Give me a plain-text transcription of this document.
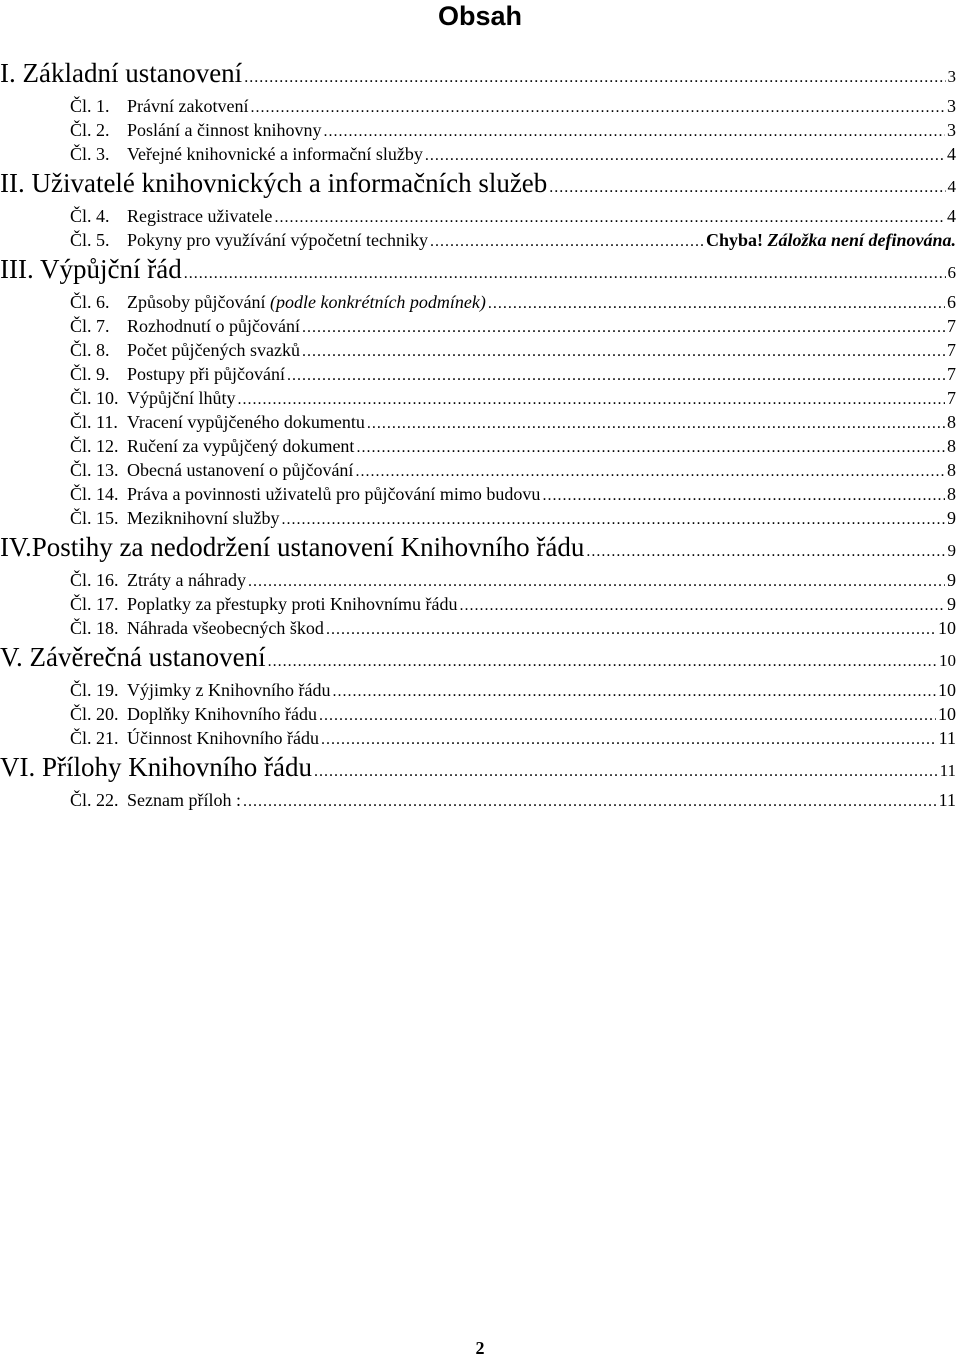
Obsah
I. Základní ustanovení .....	3
Čl. 1. Právní zakotvení .....	3
Čl. 2. Poslání a činnost knihovny .....	3
Čl. 3. Veřejné knihovnické a informační služby .....	4
II. Uživatelé knihovnických a informačních služeb .....	4
Čl. 4. Registrace uživatele .....	4
Čl. 5. Pokyny pro využívání výpočetní techniky .....	Chyba! Záložka není definována.
III. Výpůjční řád .....	6
Čl. 6. Způsoby půjčování (podle konkrétních podmínek) .....	6
Čl. 7. Rozhodnutí o půjčování .....	7
Čl. 8. Počet půjčených svazků .....	7
Čl. 9. Postupy při půjčování .....	7
Čl. 10. Výpůjční lhůty .....	7
Čl. 11. Vracení vypůjčeného dokumentu .....	8
Čl. 12. Ručení za vypůjčený dokument .....	8
Čl. 13. Obecná ustanovení o půjčování .....	8
Čl. 14. Práva a povinnosti uživatelů pro půjčování mimo budovu .....	8
Čl. 15. Meziknihovní služby .....	9
IV.Postihy za nedodržení ustanovení Knihovního řádu .....	9
Čl. 16. Ztráty a náhrady .....	9
Čl. 17. Poplatky za přestupky proti Knihovnímu řádu .....	9
Čl. 18. Náhrada všeobecných škod .....	10
V. Závěrečná ustanovení .....	10
Čl. 19. Výjimky z Knihovního řádu .....	10
Čl. 20. Doplňky Knihovního řádu .....	10
Čl. 21. Účinnost Knihovního řádu .....	11
VI. Přílohy Knihovního řádu .....	11
Čl. 22. Seznam příloh : .....	11
2
